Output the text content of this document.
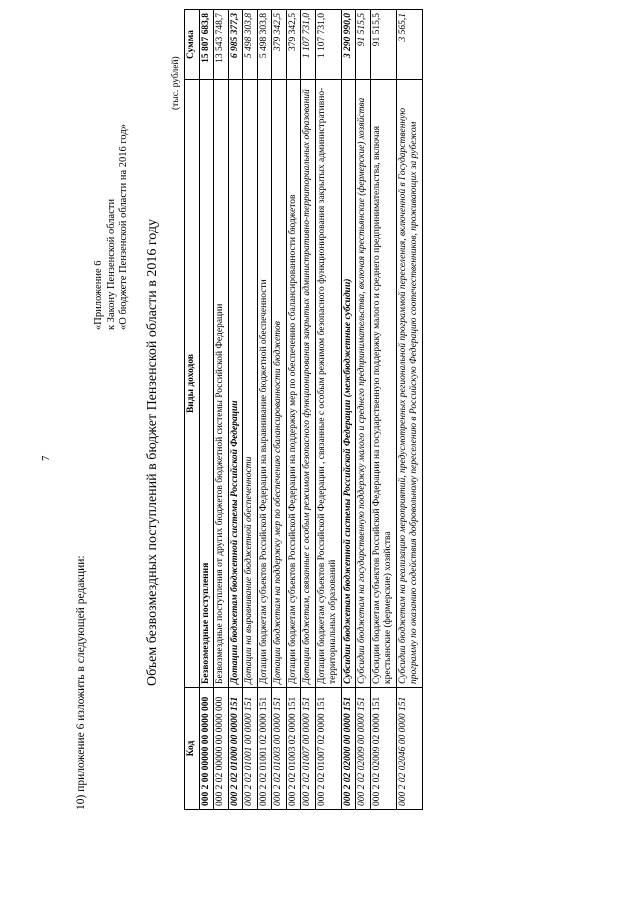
7
10) приложение 6 изложить в следующей редакции:
«Приложение 6 к Закону Пензенской области «О бюджете Пензенской области на 2016 год» Объем безвозмездных поступлений в бюджет Пензенской области в 2016 году
(тыс. рублей)
Код	Виды доходов	Сумма
000 2 00 00000 00 0000 000	Безвозмездные поступления	15 807 683,8
000 2 02 00000 00 0000 000	Безвозмездные поступления от других бюджетов бюджетной системы Российской Федерации	13 543 748,7
000 2 02 01000 00 0000 151	Дотации бюджетам бюджетной системы Российской Федерации	6 985 377,3
000 2 02 01001 00 0000 151	Дотации на выравнивание бюджетной обеспеченности	5 498 303,8
000 2 02 01001 02 0000 151	Дотации бюджетам субъектов Российской Федерации на выравнивание бюджетной обеспеченности	5 498 303,8
000 2 02 01003 00 0000 151	Дотации бюджетам на поддержку мер по обеспечению сбалансированности бюджетов	379 342,5
000 2 02 01003 02 0000 151	Дотации бюджетам субъектов Российской Федерации на поддержку мер по обеспечению сбалансированности бюджетов	379 342,5
000 2 02 01007 00 0000 151	Дотации бюджетам, связанные с особым режимом безопасного функционирования закрытых административно-территориальных образований	1 107 731,0
000 2 02 01007 02 0000 151	Дотации бюджетам субъектов Российской Федерации , связанные с особым режимом безопасного функционирования закрытых административно-территориальных образований	1 107 731,0
000 2 02 02000 00 0000 151	Субсидии бюджетам бюджетной системы Российской Федерации (межбюджетные субсидии)	3 290 990,0
000 2 02 02009 00 0000 151	Субсидии бюджетам на государственную поддержку малого и среднего предпринимательства, включая крестьянские (фермерские) хозяйства	91 515,5
000 2 02 02009 02 0000 151	Субсидии бюджетам субъектов Российской Федерации на государственную поддержку малого и среднего предпринимательства, включая крестьянские (фермерские) хозяйства	91 515,5
000 2 02 02046 00 0000 151	Субсидии бюджетам на реализацию мероприятий, предусмотренных региональной программой переселения, включенной в Государственную программу по оказанию содействия добровольному переселению в Российскую Федерацию соотечественников, проживающих за рубежом	3 565,1
